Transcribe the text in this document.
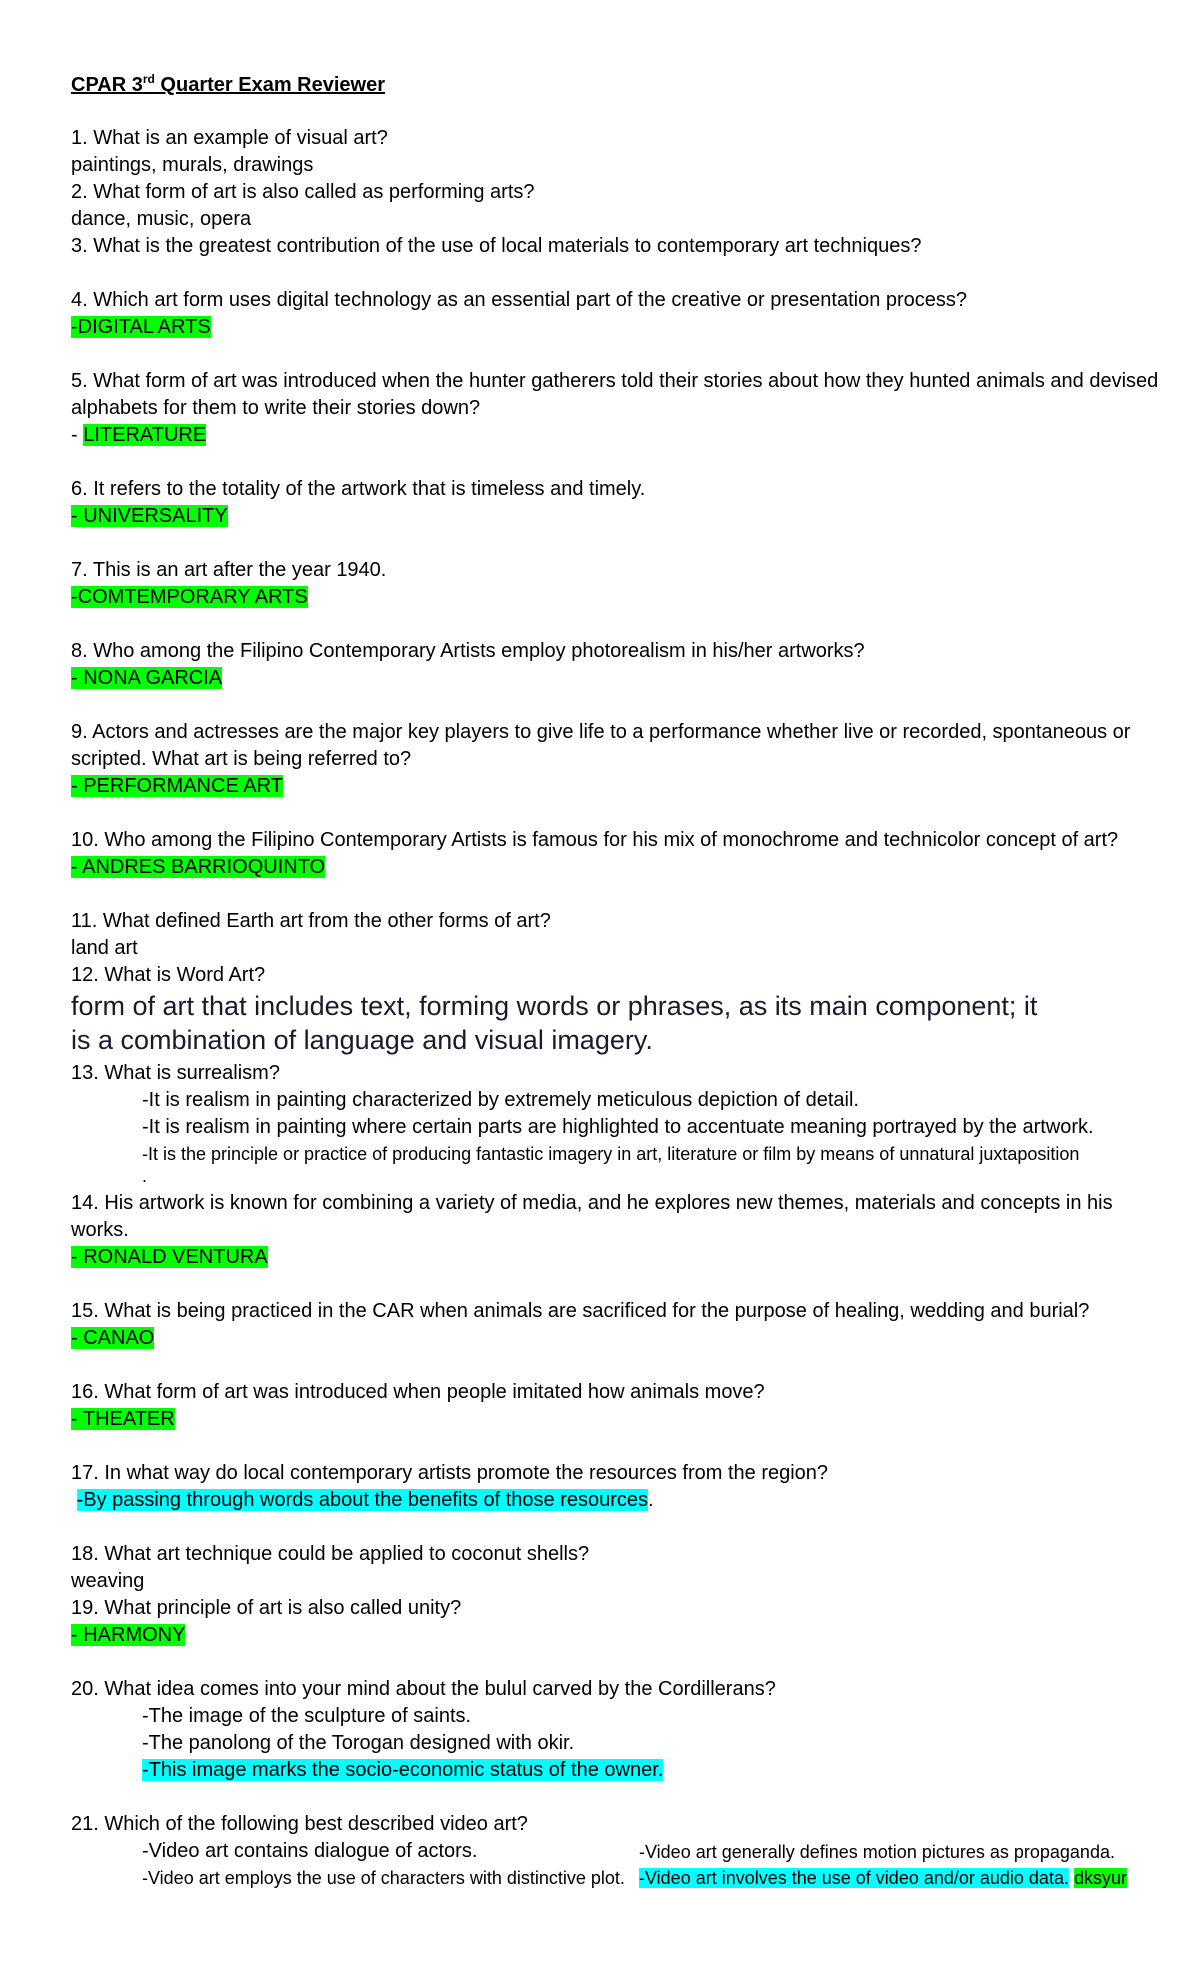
CPAR 3rd Quarter Exam Reviewer
1. What is an example of visual art?
paintings, murals, drawings
2. What form of art is also called as performing arts?
dance, music, opera
3. What is the greatest contribution of the use of local materials to contemporary art techniques?
4. Which art form uses digital technology as an essential part of the creative or presentation process?
-DIGITAL ARTS
5. What form of art was introduced when the hunter gatherers told their stories about how they hunted animals and devised
alphabets for them to write their stories down?
- LITERATURE
6. It refers to the totality of the artwork that is timeless and timely.
- UNIVERSALITY
7. This is an art after the year 1940.
-COMTEMPORARY ARTS
8. Who among the Filipino Contemporary Artists employ photorealism in his/her artworks?
- NONA GARCIA
9. Actors and actresses are the major key players to give life to a performance whether live or recorded, spontaneous or
scripted. What art is being referred to?
- PERFORMANCE ART
10. Who among the Filipino Contemporary Artists is famous for his mix of monochrome and technicolor concept of art?
- ANDRES BARRIOQUINTO
11. What defined Earth art from the other forms of art?
land art
12. What is Word Art?
form of art that includes text, forming words or phrases, as its main component; it
is a combination of language and visual imagery.
13. What is surrealism?
-It is realism in painting characterized by extremely meticulous depiction of detail.
-It is realism in painting where certain parts are highlighted to accentuate meaning portrayed by the artwork.
-It is the principle or practice of producing fantastic imagery in art, literature or film by means of unnatural juxtaposition
.
14. His artwork is known for combining a variety of media, and he explores new themes, materials and concepts in his
works.
- RONALD VENTURA
15. What is being practiced in the CAR when animals are sacrificed for the purpose of healing, wedding and burial?
- CANAO
16. What form of art was introduced when people imitated how animals move?
- THEATER
17. In what way do local contemporary artists promote the resources from the region?
-By passing through words about the benefits of those resources.
18. What art technique could be applied to coconut shells?
weaving
19. What principle of art is also called unity?
- HARMONY
20. What idea comes into your mind about the bulul carved by the Cordillerans?
-The image of the sculpture of saints.
-The panolong of the Torogan designed with okir.
-This image marks the socio-economic status of the owner.
21. Which of the following best described video art?
-Video art contains dialogue of actors.	-Video art generally defines motion pictures as propaganda.
-Video art employs the use of characters with distinctive plot. -Video art involves the use of video and/or audio data. dksyur
